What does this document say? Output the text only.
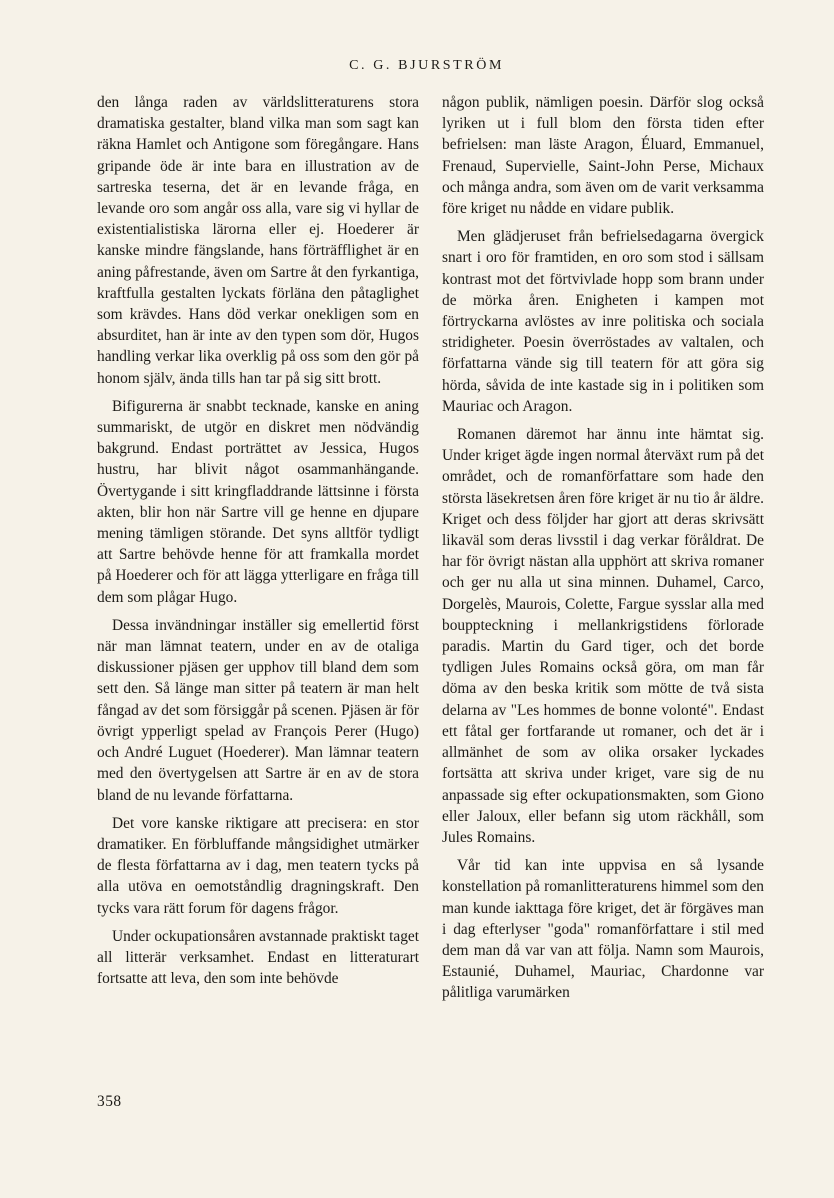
C. G. BJURSTRÖM

den långa raden av världslitteraturens stora dramatiska gestalter, bland vilka man som sagt kan räkna Hamlet och Antigone som föregångare. Hans gripande öde är inte bara en illustration av de sartreska teserna, det är en levande fråga, en levande oro som angår oss alla, vare sig vi hyllar de existentialistiska lärorna eller ej. Hoederer är kanske mindre fängslande, hans förträfflighet är en aning påfrestande, även om Sartre åt den fyrkantiga, kraftfulla gestalten lyckats förläna den påtaglighet som krävdes. Hans död verkar onekligen som en absurditet, han är inte av den typen som dör, Hugos handling verkar lika overklig på oss som den gör på honom själv, ända tills han tar på sig sitt brott.

Bifigurerna är snabbt tecknade, kanske en aning summariskt, de utgör en diskret men nödvändig bakgrund. Endast porträttet av Jessica, Hugos hustru, har blivit något osammanhängande. Övertygande i sitt kringfladdrande lättsinne i första akten, blir hon när Sartre vill ge henne en djupare mening tämligen störande. Det syns alltför tydligt att Sartre behövde henne för att framkalla mordet på Hoederer och för att lägga ytterligare en fråga till dem som plågar Hugo.

Dessa invändningar inställer sig emellertid först när man lämnat teatern, under en av de otaliga diskussioner pjäsen ger upphov till bland dem som sett den. Så länge man sitter på teatern är man helt fångad av det som försiggår på scenen. Pjäsen är för övrigt ypperligt spelad av François Perer (Hugo) och André Luguet (Hoederer). Man lämnar teatern med den övertygelsen att Sartre är en av de stora bland de nu levande författarna.

Det vore kanske riktigare att precisera: en stor dramatiker. En förbluffande mångsidighet utmärker de flesta författarna av i dag, men teatern tycks på alla utöva en oemotståndlig dragningskraft. Den tycks vara rätt forum för dagens frågor.

Under ockupationsåren avstannade praktiskt taget all litterär verksamhet. Endast en litteraturart fortsatte att leva, den som inte behövde

någon publik, nämligen poesin. Därför slog också lyriken ut i full blom den första tiden efter befrielsen: man läste Aragon, Éluard, Emmanuel, Frenaud, Supervielle, Saint-John Perse, Michaux och många andra, som även om de varit verksamma före kriget nu nådde en vidare publik.

Men glädjeruset från befrielsedagarna övergick snart i oro för framtiden, en oro som stod i sällsam kontrast mot det förtvivlade hopp som brann under de mörka åren. Enigheten i kampen mot förtryckarna avlöstes av inre politiska och sociala stridigheter. Poesin överröstades av valtalen, och författarna vände sig till teatern för att göra sig hörda, såvida de inte kastade sig in i politiken som Mauriac och Aragon.

Romanen däremot har ännu inte hämtat sig. Under kriget ägde ingen normal återväxt rum på det området, och de romanförfattare som hade den största läsekretsen åren före kriget är nu tio år äldre. Kriget och dess följder har gjort att deras skrivsätt likaväl som deras livsstil i dag verkar föråldrat. De har för övrigt nästan alla upphört att skriva romaner och ger nu alla ut sina minnen. Duhamel, Carco, Dorgelès, Maurois, Colette, Fargue sysslar alla med bouppteckning i mellankrigstidens förlorade paradis. Martin du Gard tiger, och det borde tydligen Jules Romains också göra, om man får döma av den beska kritik som mötte de två sista delarna av "Les hommes de bonne volonté". Endast ett fåtal ger fortfarande ut romaner, och det är i allmänhet de som av olika orsaker lyckades fortsätta att skriva under kriget, vare sig de nu anpassade sig efter ockupationsmakten, som Giono eller Jaloux, eller befann sig utom räckhåll, som Jules Romains.

Vår tid kan inte uppvisa en så lysande konstellation på romanlitteraturens himmel som den man kunde iakttaga före kriget, det är förgäves man i dag efterlyser "goda" romanförfattare i stil med dem man då var van att följa. Namn som Maurois, Estaunié, Duhamel, Mauriac, Chardonne var pålitliga varumärken

358
